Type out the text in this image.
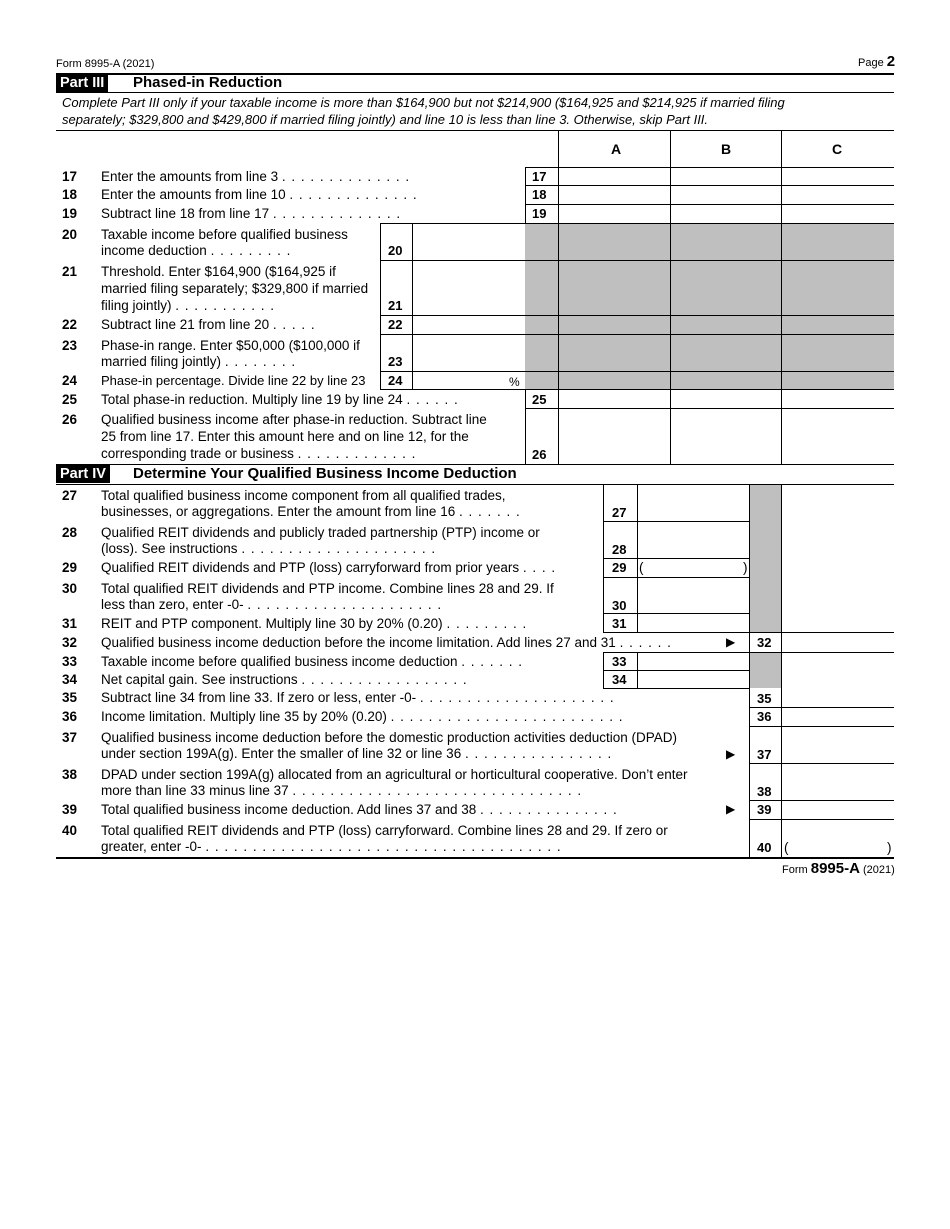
Form 8995-A (2021)	Page 2
Part III Phased-in Reduction
Complete Part III only if your taxable income is more than $164,900 but not $214,900 ($164,925 and $214,925 if married filing
separately; $329,800 and $429,800 if married filing jointly) and line 10 is less than line 3. Otherwise, skip Part III.
A	B	C
17 Enter the amounts from line 3 . . . . . . . . . . . . . .	17
18 Enter the amounts from line 10 . . . . . . . . . . . . . .	18
19 Subtract line 18 from line 17 . . . . . . . . . . . . . .	19
20 Taxable income before qualified business
income deduction . . . . . . . . .	20
21 Threshold. Enter $164,900 ($164,925 if
married filing separately; $329,800 if married
filing jointly) . . . . . . . . . . .	21
22 Subtract line 21 from line 20 . . . . .	22
23 Phase-in range. Enter $50,000 ($100,000 if
married filing jointly) . . . . . . . .	23
24 Phase-in percentage. Divide line 22 by line 23 24	%
25 Total phase-in reduction. Multiply line 19 by line 24 . . . . . .	25
26 Qualified business income after phase-in reduction. Subtract line
25 from line 17. Enter this amount here and on line 12, for the
corresponding trade or business . . . . . . . . . . . . .	26
Part IV Determine Your Qualified Business Income Deduction
27 Total qualified business income component from all qualified trades,
businesses, or aggregations. Enter the amount from line 16 . . . . . . .	27
28 Qualified REIT dividends and publicly traded partnership (PTP) income or
(loss). See instructions . . . . . . . . . . . . . . . . . . . . .	28
29 Qualified REIT dividends and PTP (loss) carryforward from prior years . . . .	29 (	)
30 Total qualified REIT dividends and PTP income. Combine lines 28 and 29. If
less than zero, enter -0- . . . . . . . . . . . . . . . . . . . . .	30
31 REIT and PTP component. Multiply line 30 by 20% (0.20) . . . . . . . . .	31
32 Qualified business income deduction before the income limitation. Add lines 27 and 31 . . . . . .	▶ 32
33 Taxable income before qualified business income deduction . . . . . . .	33
34 Net capital gain. See instructions . . . . . . . . . . . . . . . . . .	34
35 Subtract line 34 from line 33. If zero or less, enter -0- . . . . . . . . . . . . . . . . . . . . .	35
36 Income limitation. Multiply line 35 by 20% (0.20) . . . . . . . . . . . . . . . . . . . . . . . . .	36
37 Qualified business income deduction before the domestic production activities deduction (DPAD)
under section 199A(g). Enter the smaller of line 32 or line 36 . . . . . . . . . . . . . . . .	▶ 37
38 DPAD under section 199A(g) allocated from an agricultural or horticultural cooperative. Don’t enter
more than line 33 minus line 37 . . . . . . . . . . . . . . . . . . . . . . . . . . . . . . .	38
39 Total qualified business income deduction. Add lines 37 and 38 . . . . . . . . . . . . . . .	▶ 39
40 Total qualified REIT dividends and PTP (loss) carryforward. Combine lines 28 and 29. If zero or
greater, enter -0- . . . . . . . . . . . . . . . . . . . . . . . . . . . . . . . . . . . . . .	40 (	)
Form 8995-A (2021)
